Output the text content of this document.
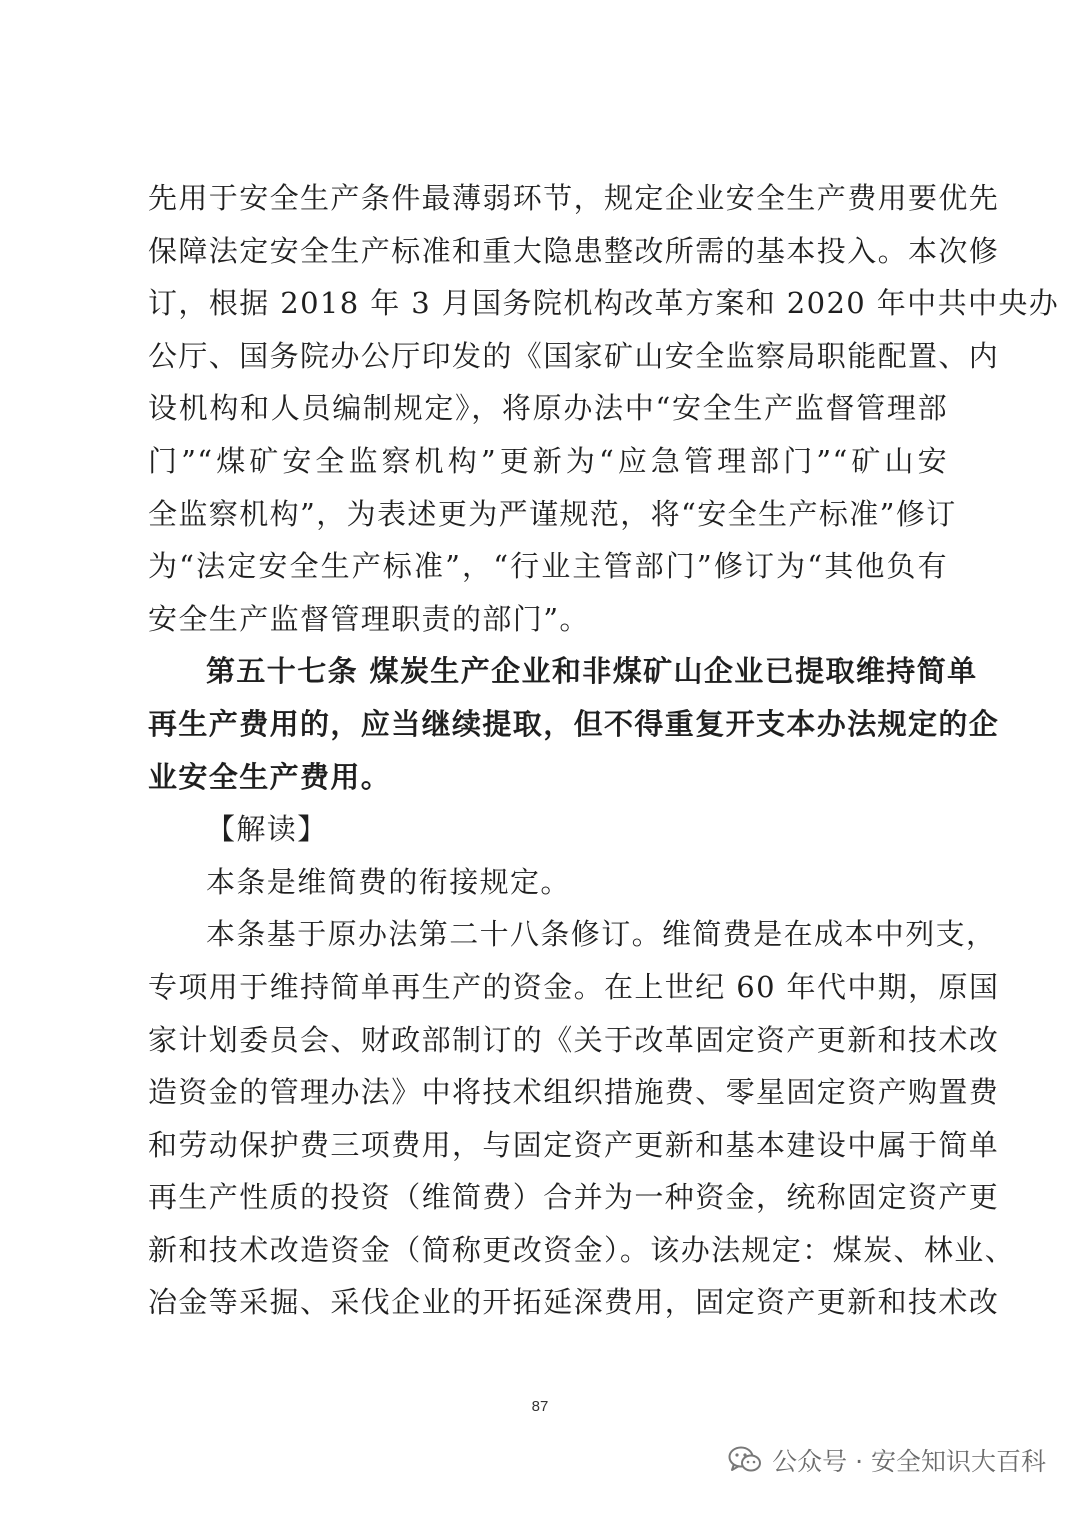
先用于安全生产条件最薄弱环节，规定企业安全生产费用要优先
保障法定安全生产标准和重大隐患整改所需的基本投入。本次修
订，根据 2018 年 3 月国务院机构改革方案和 2020 年中共中央办
公厅、国务院办公厅印发的《国家矿山安全监察局职能配置、内
设机构和人员编制规定》，将原办法中“安全生产监督管理部
门”“煤矿安全监察机构”更新为“应急管理部门”“矿山安
全监察机构”，为表述更为严谨规范，将“安全生产标准”修订
为“法定安全生产标准”，“行业主管部门”修订为“其他负有
安全生产监督管理职责的部门”。
第五十七条 煤炭生产企业和非煤矿山企业已提取维持简单
再生产费用的，应当继续提取，但不得重复开支本办法规定的企
业安全生产费用。
【解读】
本条是维简费的衔接规定。
本条基于原办法第二十八条修订。维简费是在成本中列支，
专项用于维持简单再生产的资金。在上世纪 60 年代中期，原国
家计划委员会、财政部制订的《关于改革固定资产更新和技术改
造资金的管理办法》中将技术组织措施费、零星固定资产购置费
和劳动保护费三项费用，与固定资产更新和基本建设中属于简单
再生产性质的投资（维简费）合并为一种资金，统称固定资产更
新和技术改造资金（简称更改资金）。该办法规定：煤炭、林业、
冶金等采掘、采伐企业的开拓延深费用，固定资产更新和技术改
87
公众号 · 安全知识大百科
